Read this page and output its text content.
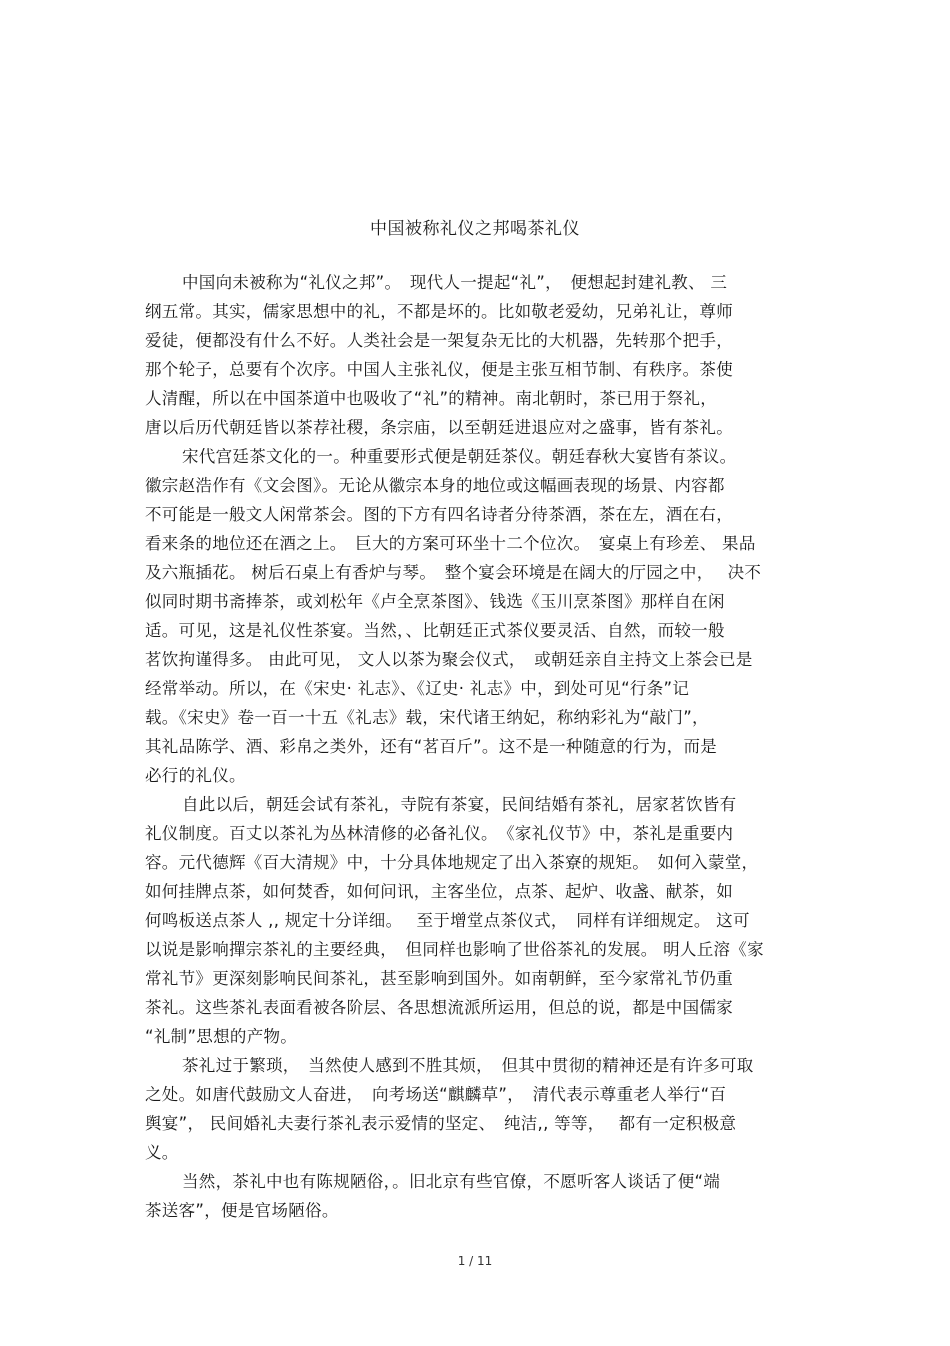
中国被称礼仪之邦喝茶礼仪
中国向未被称为“礼仪之邦”。　现代人一提起“礼”，　便想起封建礼教、 三
纲五常。其实，儒家思想中的礼，不都是坏的。比如敬老爱幼，兄弟礼让，尊师
爱徒，便都没有什么不好。人类社会是一架复杂无比的大机器，先转那个把手，
那个轮子，总要有个次序。中国人主张礼仪，便是主张互相节制、有秩序。茶使
人清醒，所以在中国茶道中也吸收了“礼”的精神。南北朝时，茶已用于祭礼，
唐以后历代朝廷皆以茶荐社稷，条宗庙，以至朝廷进退应对之盛事，皆有茶礼。
宋代宫廷茶文化的一。种重要形式便是朝廷茶仪。朝廷春秋大宴皆有茶议。
徽宗赵浩作有《文会图》。无论从徽宗本身的地位或这幅画表现的场景、内容都
不可能是一般文人闲常茶会。图的下方有四名诗者分待茶酒，茶在左，酒在右，
看来条的地位还在酒之上。　巨大的方案可环坐十二个位次。　宴桌上有珍差、 果品
及六瓶插花。 树后石桌上有香炉与琴。　整个宴会环境是在阔大的厅园之中，　 决不
似同时期书斋捧茶，或刘松年《卢全烹茶图》、钱选《玉川烹茶图》那样自在闲
适。可见，这是礼仪性茶宴。当然，、比朝廷正式茶仪要灵活、自然，而较一般
茗饮拘谨得多。 由此可见， 文人以茶为聚会仪式，　或朝廷亲自主持文上茶会已是
经常举动。所以，在《宋史· 礼志》、《辽史· 礼志》中，到处可见“行条”记
载。《宋史》卷一百一十五《礼志》载，宋代诸王纳妃，称纳彩礼为“敲门”，
其礼品陈学、酒、彩帛之类外，还有“茗百斤”。这不是一种随意的行为，而是
必行的礼仪。
自此以后，朝廷会试有茶礼，寺院有茶宴，民间结婚有茶礼，居家茗饮皆有
礼仪制度。百丈以茶礼为丛林清修的必备礼仪。　《家礼仪节》中，茶礼是重要内
容。元代德辉《百大清规》中，十分具体地规定了出入茶寮的规矩。　如何入蒙堂，
如何挂牌点茶，如何焚香，如何问讯，主客坐位，点茶、起炉、收盏、献茶，如
何鸣板送点茶人 ,, 规定十分详细。　 至于增堂点茶仪式，　同样有详细规定。 这可
以说是影响撣宗茶礼的主要经典，　但同样也影响了世俗茶礼的发展。 明人丘溶《家
常礼节》更深刻影响民间茶礼，甚至影响到国外。如南朝鲜，至今家常礼节仍重
茶礼。这些茶礼表面看被各阶层、各思想流派所运用，但总的说，都是中国儒家
“礼制”思想的产物。
茶礼过于繁琐，　当然使人感到不胜其烦，　但其中贯彻的精神还是有许多可取
之处。如唐代鼓励文人奋进，　向考场送“麒麟草”，　清代表示尊重老人举行“百
舆宴”， 民间婚礼夫妻行茶礼表示爱情的坚定、　纯洁,, 等等，　 都有一定积极意
义。
当然，茶礼中也有陈规陋俗，。旧北京有些官僚，不愿听客人谈话了便“端
茶送客”，便是官场陋俗。
1 / 11
